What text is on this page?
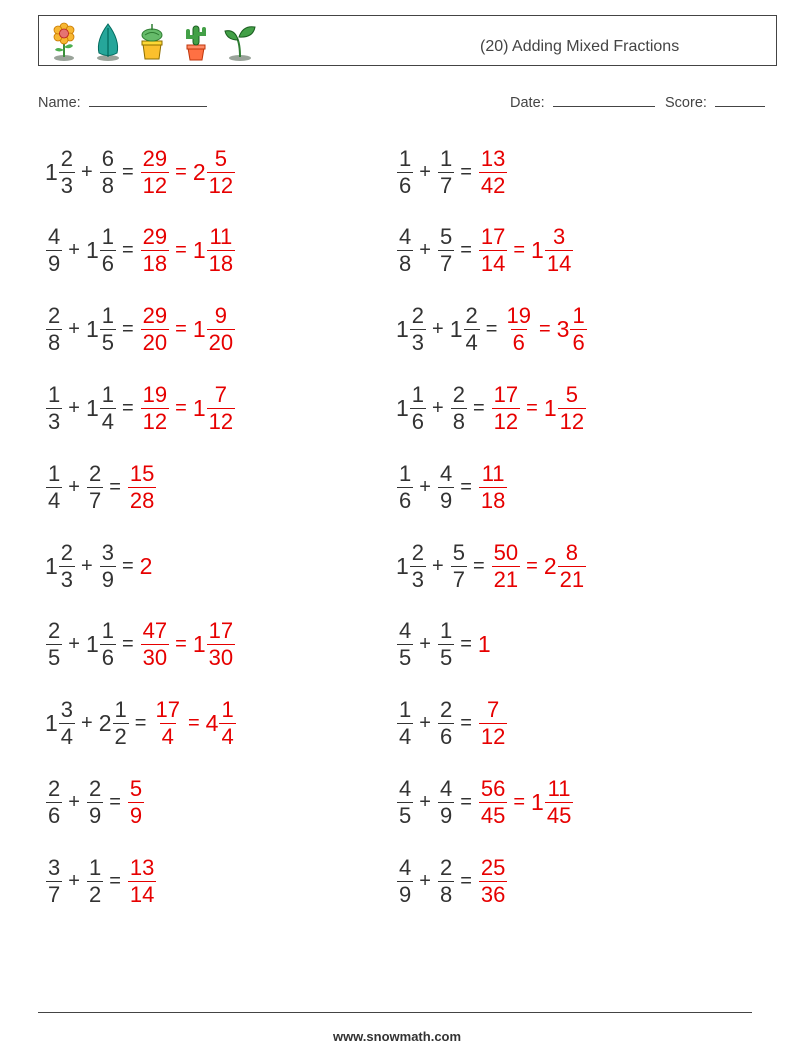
(20) Adding Mixed Fractions
Name:	Date:	Score:
$1 \frac{2}{3} + \frac{6}{8} = \frac{29}{12} = 2 \frac{5}{12}$	$\frac{1}{6} + \frac{1}{7} = \frac{13}{42}$
$\frac{4}{9} + 1 \frac{1}{6} = \frac{29}{18} = 1 \frac{11}{18}$	$\frac{4}{8} + \frac{5}{7} = \frac{17}{14} = 1 \frac{3}{14}$
$\frac{2}{8} + 1 \frac{1}{5} = \frac{29}{20} = 1 \frac{9}{20}$	$1 \frac{2}{3} + 1 \frac{2}{4} = \frac{19}{6} = 3 \frac{1}{6}$
$\frac{1}{3} + 1 \frac{1}{4} = \frac{19}{12} = 1 \frac{7}{12}$	$1 \frac{1}{6} + \frac{2}{8} = \frac{17}{12} = 1 \frac{5}{12}$
$\frac{1}{4} + \frac{2}{7} = \frac{15}{28}$	$\frac{1}{6} + \frac{4}{9} = \frac{11}{18}$
$1 \frac{2}{3} + \frac{3}{9} = 2$	$1 \frac{2}{3} + \frac{5}{7} = \frac{50}{21} = 2 \frac{8}{21}$
$\frac{2}{5} + 1 \frac{1}{6} = \frac{47}{30} = 1 \frac{17}{30}$	$\frac{4}{5} + \frac{1}{5} = 1$
$1 \frac{3}{4} + 2 \frac{1}{2} = \frac{17}{4} = 4 \frac{1}{4}$	$\frac{1}{4} + \frac{2}{6} = \frac{7}{12}$
$\frac{2}{6} + \frac{2}{9} = \frac{5}{9}$	$\frac{4}{5} + \frac{4}{9} = \frac{56}{45} = 1 \frac{11}{45}$
$\frac{3}{7} + \frac{1}{2} = \frac{13}{14}$	$\frac{4}{9} + \frac{2}{8} = \frac{25}{36}$
www.snowmath.com
